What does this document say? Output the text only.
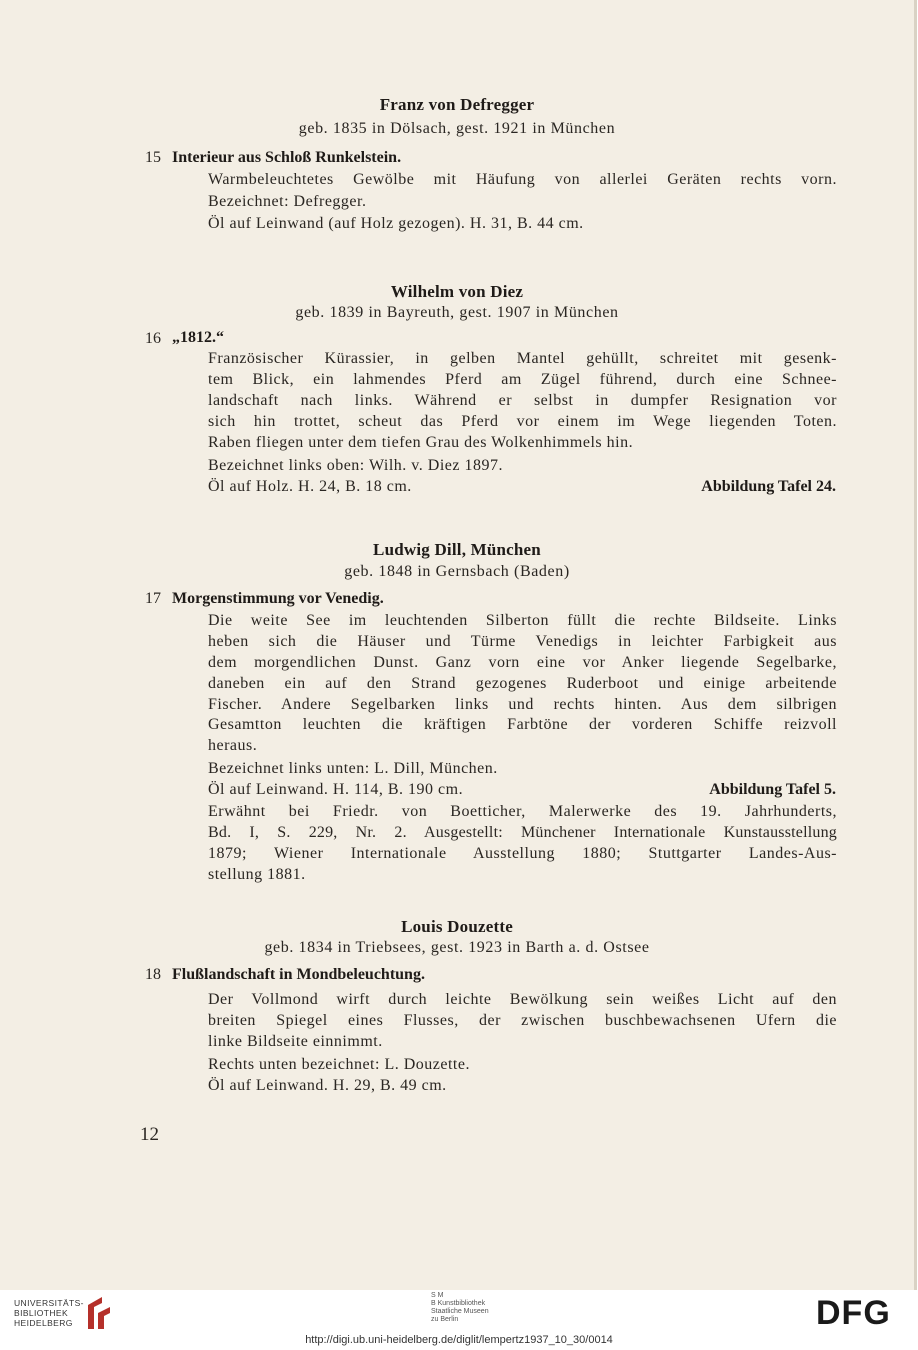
Franz von Defregger
geb. 1835 in Dölsach, gest. 1921 in München
15 Interieur aus Schloß Runkelstein.
Warmbeleuchtetes Gewölbe mit Häufung von allerlei Geräten rechts vorn.
Bezeichnet: Defregger.
Öl auf Leinwand (auf Holz gezogen). H. 31, B. 44 cm.
Wilhelm von Diez
geb. 1839 in Bayreuth, gest. 1907 in München
16 „1812.“
Französischer Kürassier, in gelben Mantel gehüllt, schreitet mit gesenk-
tem Blick, ein lahmendes Pferd am Zügel führend, durch eine Schnee-
landschaft nach links. Während er selbst in dumpfer Resignation vor
sich hin trottet, scheut das Pferd vor einem im Wege liegenden Toten.
Raben fliegen unter dem tiefen Grau des Wolkenhimmels hin.
Bezeichnet links oben: Wilh. v. Diez 1897.
Öl auf Holz. H. 24, B. 18 cm.	Abbildung Tafel 24.
Ludwig Dill, München
geb. 1848 in Gernsbach (Baden)
17 Morgenstimmung vor Venedig.
Die weite See im leuchtenden Silberton füllt die rechte Bildseite. Links
heben sich die Häuser und Türme Venedigs in leichter Farbigkeit aus
dem morgendlichen Dunst. Ganz vorn eine vor Anker liegende Segelbarke,
daneben ein auf den Strand gezogenes Ruderboot und einige arbeitende
Fischer. Andere Segelbarken links und rechts hinten. Aus dem silbrigen
Gesamtton leuchten die kräftigen Farbtöne der vorderen Schiffe reizvoll
heraus.
Bezeichnet links unten: L. Dill, München.
Öl auf Leinwand. H. 114, B. 190 cm.	Abbildung Tafel 5.
Erwähnt bei Friedr. von Boetticher, Malerwerke des 19. Jahrhunderts,
Bd. I, S. 229, Nr. 2. Ausgestellt: Münchener Internationale Kunstausstellung
1879; Wiener Internationale Ausstellung 1880; Stuttgarter Landes-Aus-
stellung 1881.
Louis Douzette
geb. 1834 in Triebsees, gest. 1923 in Barth a. d. Ostsee
18 Flußlandschaft in Mondbeleuchtung.
Der Vollmond wirft durch leichte Bewölkung sein weißes Licht auf den
breiten Spiegel eines Flusses, der zwischen buschbewachsenen Ufern die
linke Bildseite einnimmt.
Rechts unten bezeichnet: L. Douzette.
Öl auf Leinwand. H. 29, B. 49 cm.
12
UNIVERSITÄTS-
BIBLIOTHEK
HEIDELBERG
S M
B Kunstbibliothek
Staatliche Museen
zu Berlin	DFG
http://digi.ub.uni-heidelberg.de/diglit/lempertz1937_10_30/0014
